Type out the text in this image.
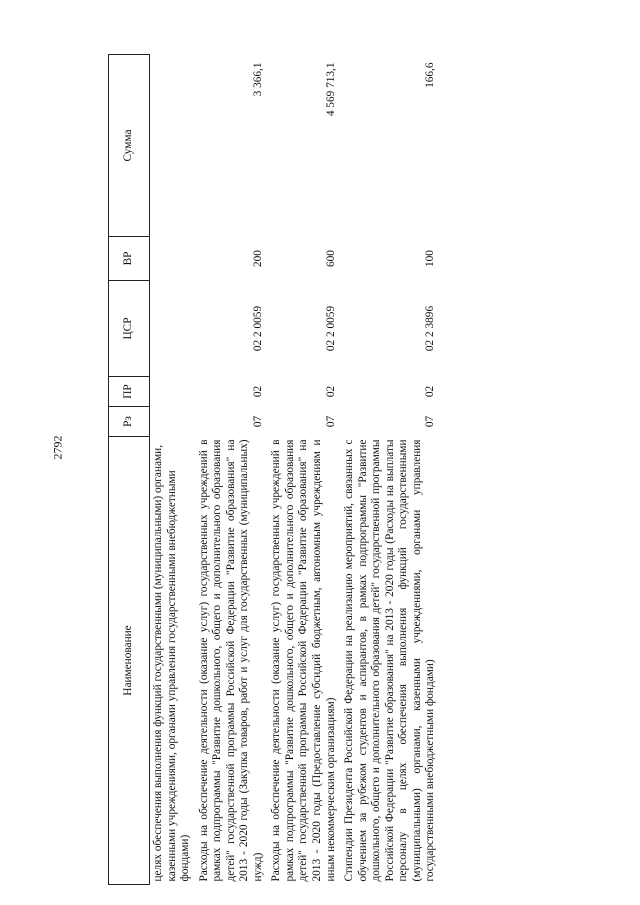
2792
Наименование	Рз	ПР	ЦСР	ВР	Сумма
целях обеспечения выполнения функций государственными (муниципальными) органами, казенными учреждениями, органами управления государственными внебюджетными фондами)					
Расходы на обеспечение деятельности (оказание услуг) государственных учреждений в рамках подпрограммы "Развитие дошкольного, общего и дополнительного образования детей" государственной программы Российской Федерации "Развитие образования" на 2013 - 2020 годы (Закупка товаров, работ и услуг для государственных (муниципальных) нужд)	07	02	02 2 0059	200	3 366,1
Расходы на обеспечение деятельности (оказание услуг) государственных учреждений в рамках подпрограммы "Развитие дошкольного, общего и дополнительного образования детей" государственной программы Российской Федерации "Развитие образования" на 2013 - 2020 годы (Предоставление субсидий бюджетным, автономным учреждениям и иным некоммерческим организациям)	07	02	02 2 0059	600	4 569 713,1
Стипендии Президента Российской Федерации на реализацию мероприятий, связанных с обучением за рубежом студентов и аспирантов, в рамках подпрограммы "Развитие дошкольного, общего и дополнительного образования детей" государственной программы Российской Федерации "Развитие образования" на 2013 - 2020 годы (Расходы на выплаты персоналу в целях обеспечения выполнения функций государственными (муниципальными) органами, казенными учреждениями, органами управления государственными внебюджетными фондами)	07	02	02 2 3896	100	166,6
